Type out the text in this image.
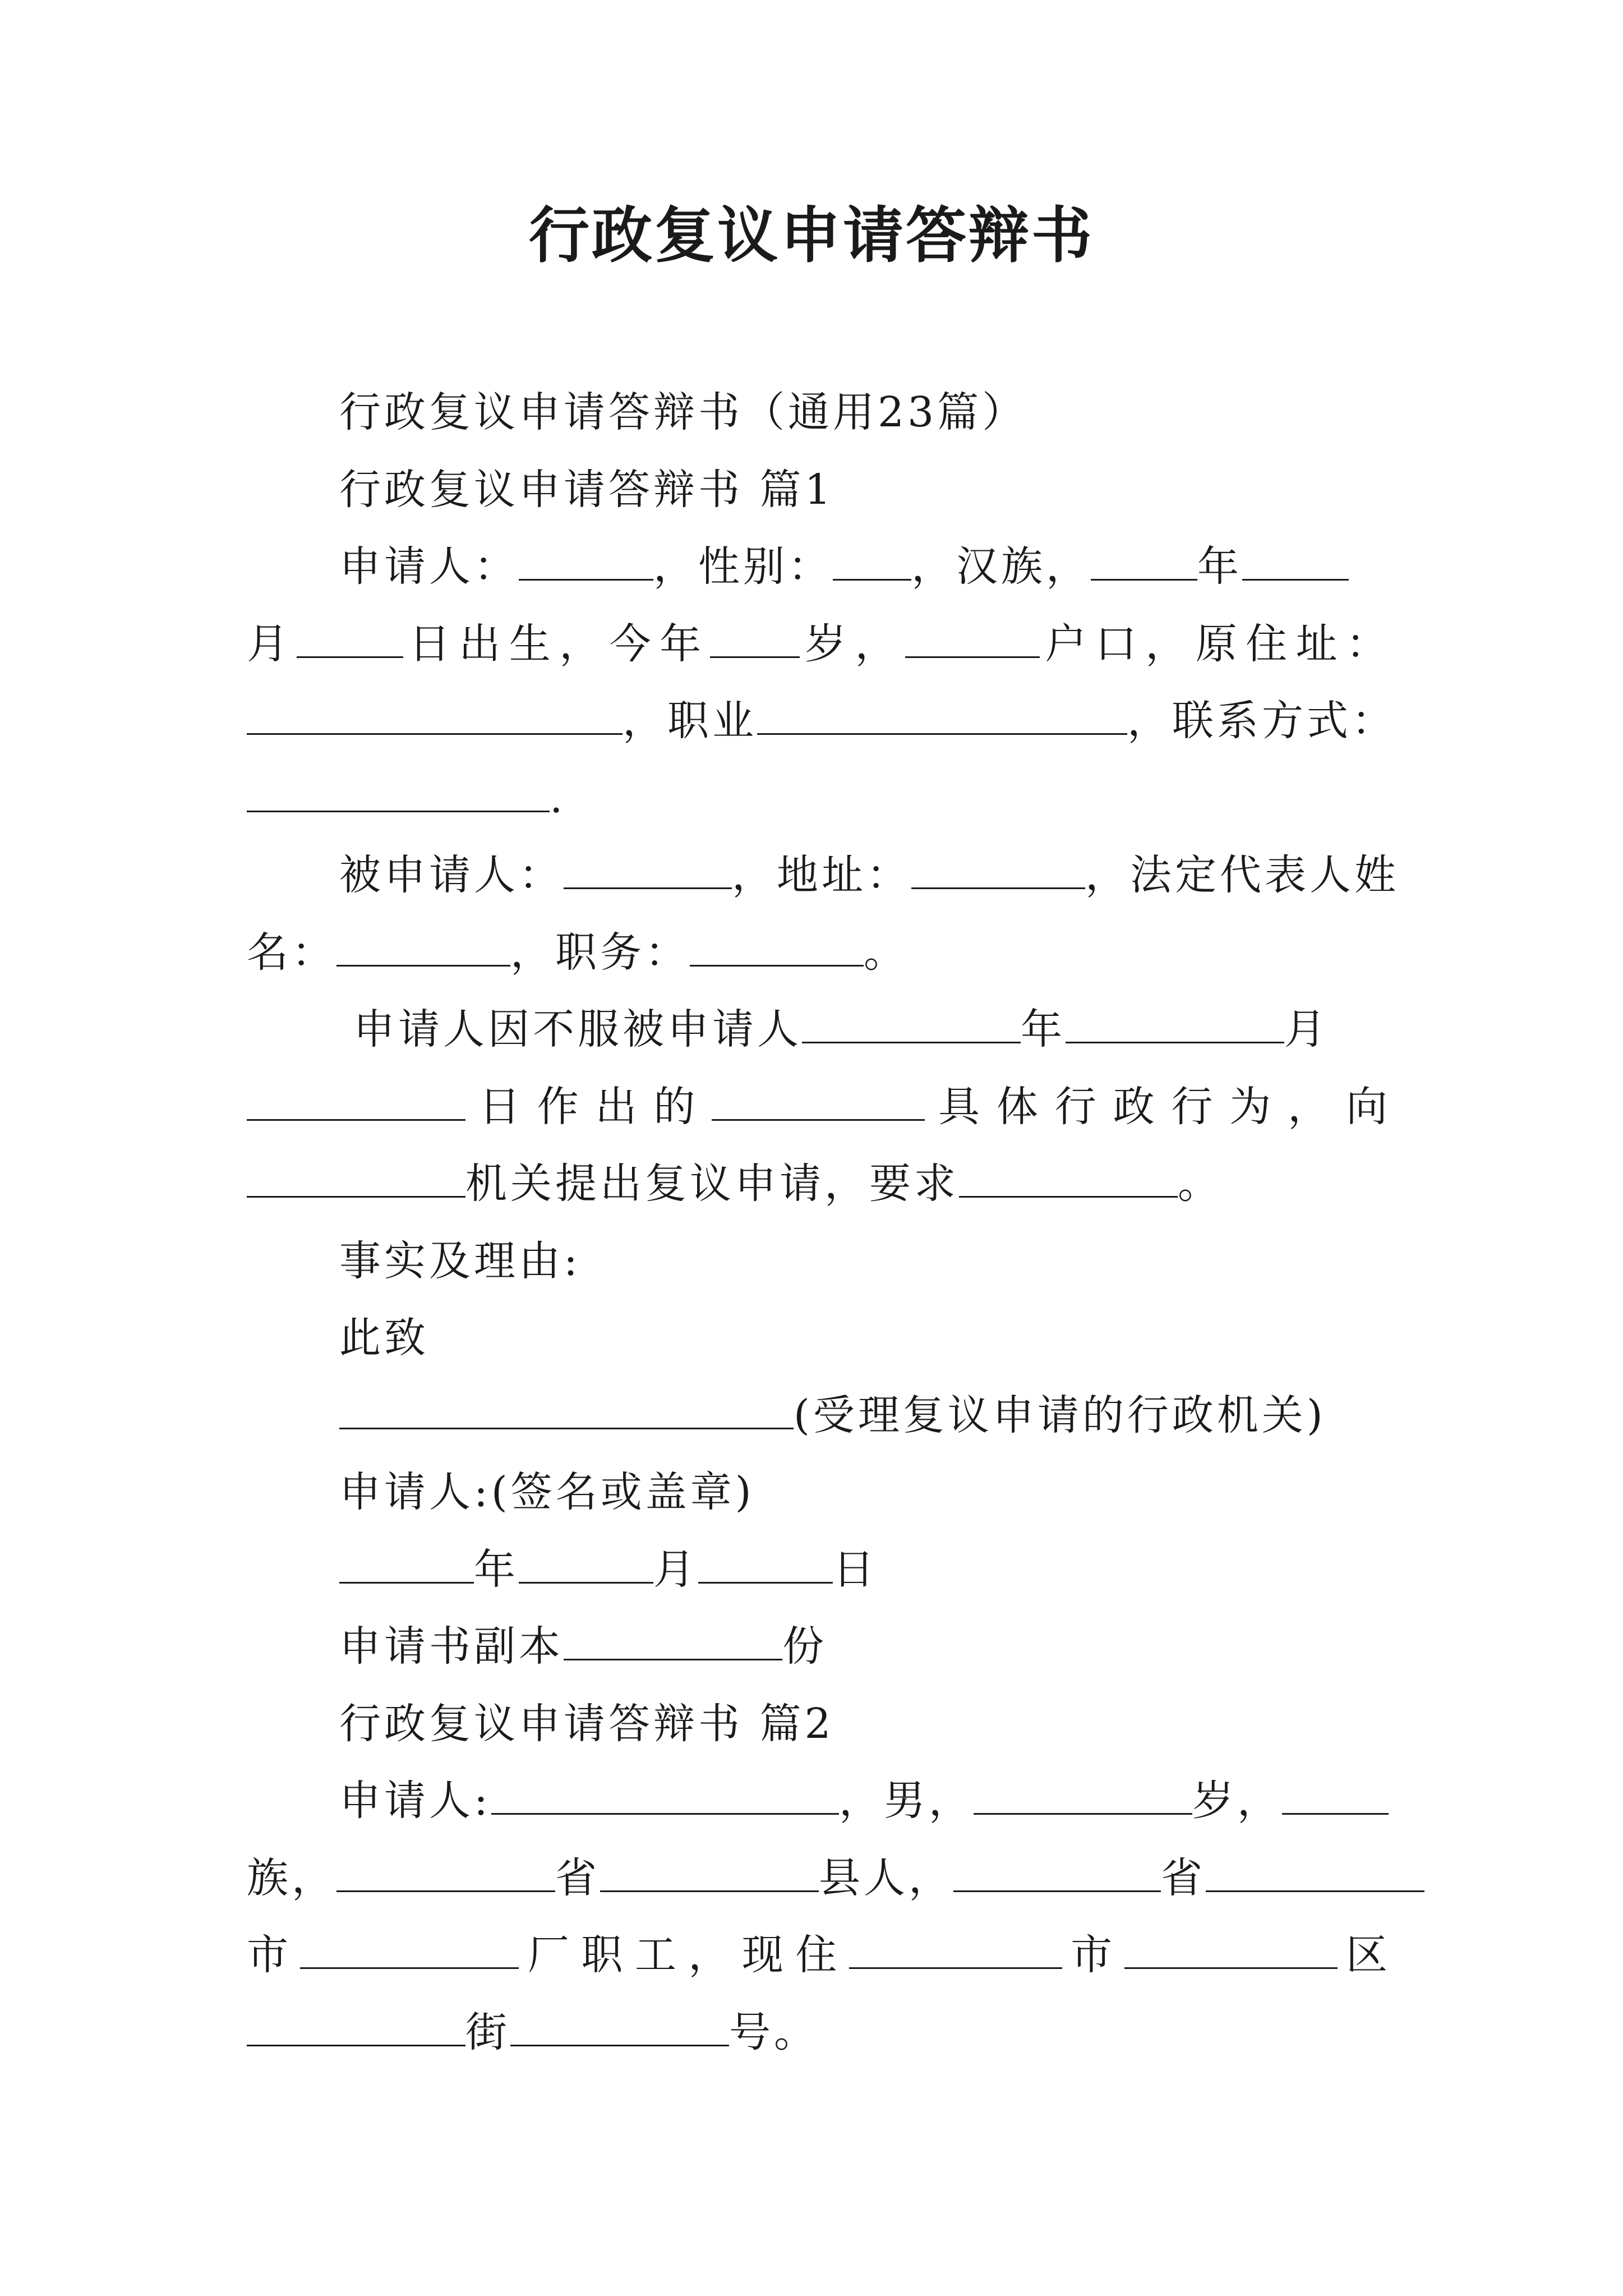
行政复议申请答辩书
行政复议申请答辩书（通用23篇）
行政复议申请答辩书 篇1
申请人：	，性别： ，汉族，	年
月	日出生，今年 岁，	户口，原住址：
，职业	，联系方式：
.
被申请人：	，地址：	，法定代表人姓
名：	，职务：	。
申请人因不服被申请人	年	月
日作出的	具体行政行为，向
机关提出复议申请，要求	。
事实及理由:
此致
(受理复议申请的行政机关)
申请人:(签名或盖章)
年	月	日
申请书副本	份
行政复议申请答辩书 篇2
申请人:	，男，	岁，
族，	省	县人，	省
市	厂职工，现住	市	区
街	号。
